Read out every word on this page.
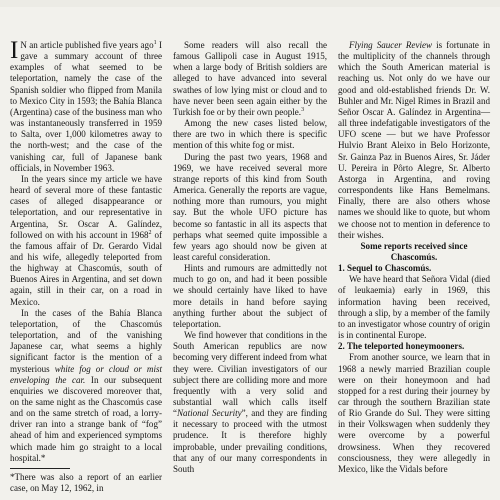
I N an article published five years ago$^1$ I gave a summary account of three examples of what seemed to be teleportation, namely the case of the Spanish soldier who flipped from Manila to Mexico City in 1593; the Bahía Blanca (Argentina) case of the business man who was instantaneously transferred in 1959 to Salta, over 1,000 kilometres away to the north-west; and the case of the vanishing car, full of Japanese bank officials, in November 1963.

In the years since my article we have heard of several more of these fantastic cases of alleged disappearance or teleportation, and our representative in Argentina, Sr. Oscar A. Galíndez, followed on with his account in 1968$^2$ of the famous affair of Dr. Gerardo Vidal and his wife, allegedly teleported from the highway at Chascomús, south of Buenos Aires in Argentina, and set down again, still in their car, on a road in Mexico.

In the cases of the Bahía Blanca teleportation, of the Chascomús teleportation, and of the vanishing Japanese car, what seems a highly significant factor is the mention of a mysterious white fog or cloud or mist enveloping the car. In our subsequent enquiries we discovered moreover that, on the same night as the Chascomús case and on the same stretch of road, a lorry-driver ran into a strange bank of “fog” ahead of him and experienced symptoms which made him go straight to a local hospital.*

*There was also a report of an earlier case, on May 12, 1962, in

Some readers will also recall the famous Gallipoli case in August 1915, when a large body of British soldiers are alleged to have advanced into several swathes of low lying mist or cloud and to have never been seen again either by the Turkish foe or by their own people.$^3$

Among the new cases listed below, there are two in which there is specific mention of this white fog or mist.

During the past two years, 1968 and 1969, we have received several more strange reports of this kind from South America. Generally the reports are vague, nothing more than rumours, you might say. But the whole UFO picture has become so fantastic in all its aspects that perhaps what seemed quite impossible a few years ago should now be given at least careful consideration.

Hints and rumours are admittedly not much to go on, and had it been possible we should certainly have liked to have more details in hand before saying anything further about the subject of teleportation.

We find however that conditions in the South American republics are now becoming very different indeed from what they were. Civilian investigators of our subject there are colliding more and more frequently with a very solid and substantial wall which calls itself “National Security”, and they are finding it necessary to proceed with the utmost prudence. It is therefore highly improbable, under prevailing conditions, that any of our many correspondents in South

Flying Saucer Review is fortunate in the multiplicity of the channels through which the South American material is reaching us. Not only do we have our good and old-established friends Dr. W. Buhler and Mr. Nigel Rimes in Brazil and Señor Oscar A. Galíndez in Argentina—all three indefatigable investigators of the UFO scene — but we have Professor Hulvio Brant Aleixo in Belo Horizonte, Sr. Gainza Paz in Buenos Aires, Sr. Jáder U. Pereira in Pôrto Alegre, Sr. Alberto Astorga in Argentina, and roving correspondents like Hans Bemelmans. Finally, there are also others whose names we should like to quote, but whom we choose not to mention in deference to their wishes.

Some reports received since Chascomús.

1. Sequel to Chascomús.

We have heard that Señora Vidal (died of leukaemia) early in 1969, this information having been received, through a slip, by a member of the family to an investigator whose country of origin is in continental Europe.

2. The teleported honeymooners.

From another source, we learn that in 1968 a newly married Brazilian couple were on their honeymoon and had stopped for a rest during their journey by car through the southern Brazilian state of Rio Grande do Sul. They were sitting in their Volkswagen when suddenly they were overcome by a powerful drowsiness. When they recovered consciousness, they were allegedly in Mexico, like the Vidals before
